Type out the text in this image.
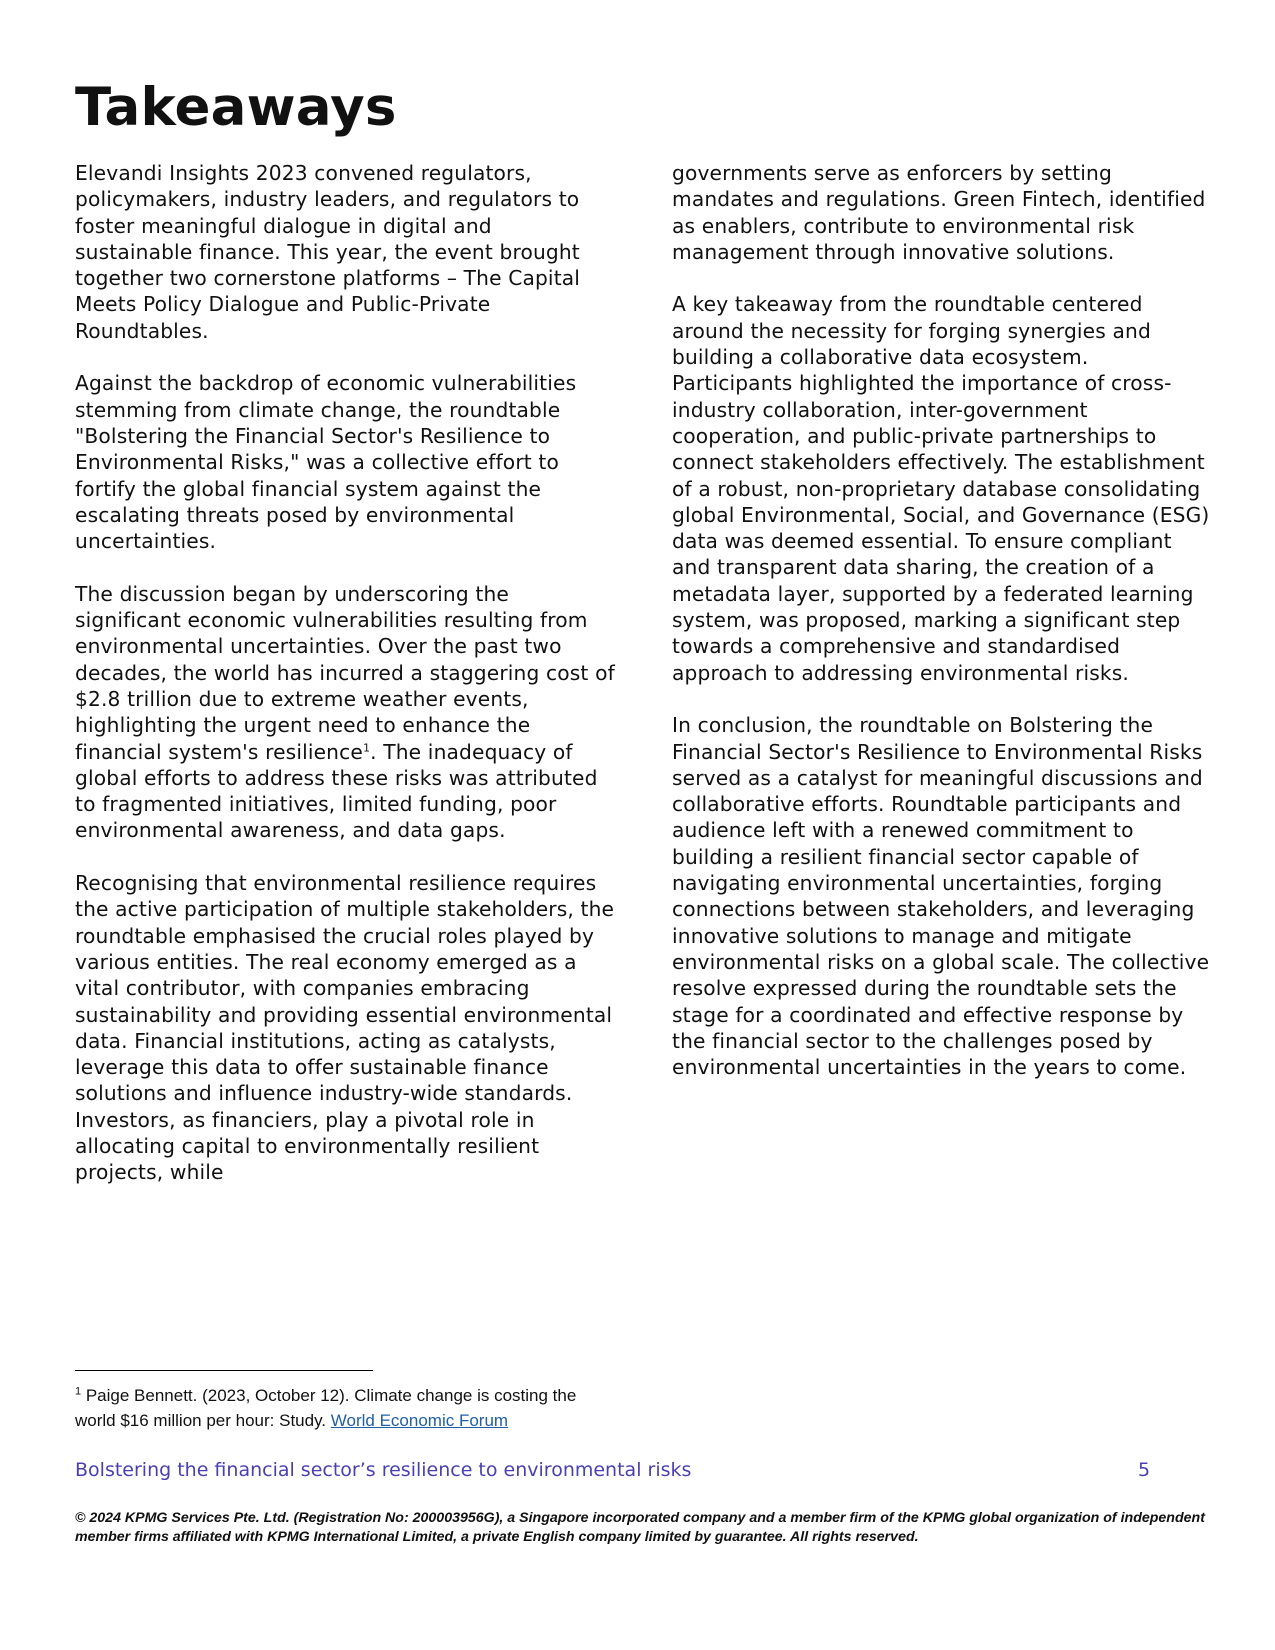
Takeaways

Elevandi Insights 2023 convened regulators, policymakers, industry leaders, and regulators to foster meaningful dialogue in digital and sustainable finance. This year, the event brought together two cornerstone platforms – The Capital Meets Policy Dialogue and Public-Private Roundtables.

Against the backdrop of economic vulnerabilities stemming from climate change, the roundtable "Bolstering the Financial Sector's Resilience to Environmental Risks," was a collective effort to fortify the global financial system against the escalating threats posed by environmental uncertainties.

The discussion began by underscoring the significant economic vulnerabilities resulting from environmental uncertainties. Over the past two decades, the world has incurred a staggering cost of $2.8 trillion due to extreme weather events, highlighting the urgent need to enhance the financial system's resilience$^1$. The inadequacy of global efforts to address these risks was attributed to fragmented initiatives, limited funding, poor environmental awareness, and data gaps.

Recognising that environmental resilience requires the active participation of multiple stakeholders, the roundtable emphasised the crucial roles played by various entities. The real economy emerged as a vital contributor, with companies embracing sustainability and providing essential environmental data. Financial institutions, acting as catalysts, leverage this data to offer sustainable finance solutions and influence industry-wide standards. Investors, as financiers, play a pivotal role in allocating capital to environmentally resilient projects, while

governments serve as enforcers by setting mandates and regulations. Green Fintech, identified as enablers, contribute to environmental risk management through innovative solutions.

A key takeaway from the roundtable centered around the necessity for forging synergies and building a collaborative data ecosystem. Participants highlighted the importance of cross-industry collaboration, inter-government cooperation, and public-private partnerships to connect stakeholders effectively. The establishment of a robust, non-proprietary database consolidating global Environmental, Social, and Governance (ESG) data was deemed essential. To ensure compliant and transparent data sharing, the creation of a metadata layer, supported by a federated learning system, was proposed, marking a significant step towards a comprehensive and standardised approach to addressing environmental risks.

In conclusion, the roundtable on Bolstering the Financial Sector's Resilience to Environmental Risks served as a catalyst for meaningful discussions and collaborative efforts. Roundtable participants and audience left with a renewed commitment to building a resilient financial sector capable of navigating environmental uncertainties, forging connections between stakeholders, and leveraging innovative solutions to manage and mitigate environmental risks on a global scale. The collective resolve expressed during the roundtable sets the stage for a coordinated and effective response by the financial sector to the challenges posed by environmental uncertainties in the years to come.

$^1$ Paige Bennett. (2023, October 12). Climate change is costing the world $16 million per hour: Study. World Economic Forum
Bolstering the financial sector’s resilience to environmental risks	5

© 2024 KPMG Services Pte. Ltd. (Registration No: 200003956G), a Singapore incorporated company and a member firm of the KPMG global organization of independent member firms affiliated with KPMG International Limited, a private English company limited by guarantee. All rights reserved.
